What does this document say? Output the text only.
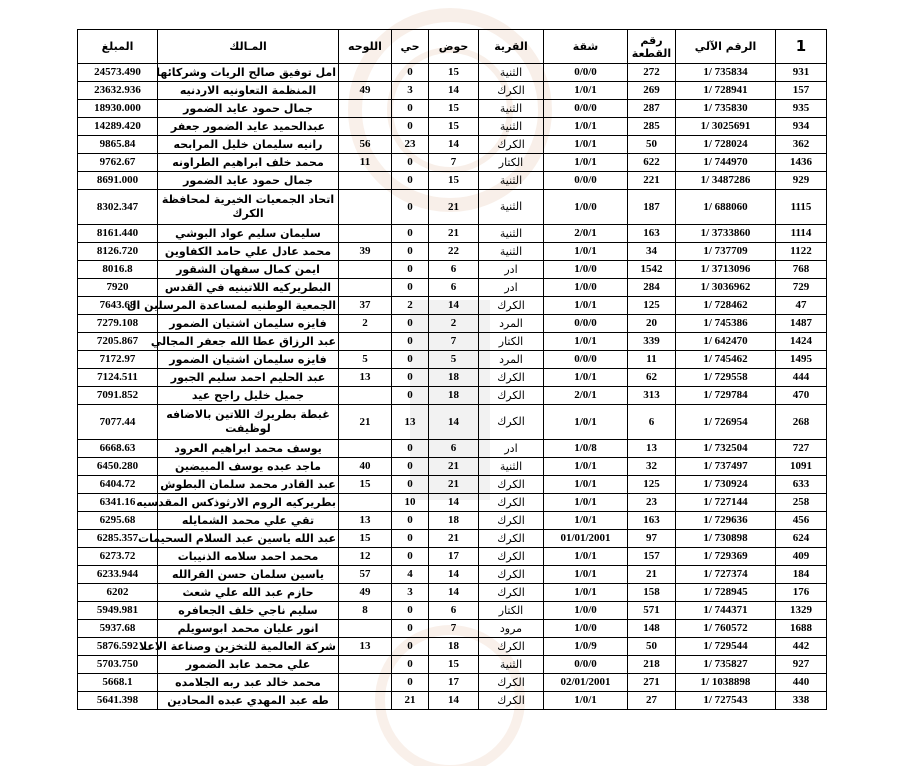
1	الرقم الآلي	رقم القطعة	شقة	القرية	حوض	حي	اللوحه	المـالك	المبلغ
931	735834 /1	272	0/0/0	الثنية	15	0		امل توفيق صالح الريات وشركائها	24573.490
157	728941 /1	269	1/0/1	الكرك	14	3	49	المنظمة التعاونيه الاردنيه	23632.936
935	735830 /1	287	0/0/0	الثنية	15	0		جمال حمود عايد الضمور	18930.000
934	3025691 /1	285	1/0/1	الثنية	15	0		عبدالحميد عايد الضمور جعفر	14289.420
362	728024 /1	50	1/0/1	الكرك	14	23	56	رانيه سليمان خليل المرابحه	9865.84
1436	744970 /1	622	1/0/1	الكتار	7	0	11	محمد خلف ابراهيم الطراونه	9762.67
929	3487286 /1	221	0/0/0	الثنية	15	0		جمال حمود عايد الضمور	8691.000
1115	688060 /1	187	1/0/0	الثنية	21	0		اتحاد الجمعيات الخيرية لمحافظة الكرك	8302.347
1114	3733860 /1	163	2/0/1	الثنية	21	0		سليمان سليم عواد البوشي	8161.440
1122	737709 /1	34	1/0/1	الثنية	22	0	39	محمد عادل علي حامد الكفاوين	8126.720
768	3713096 /1	1542	1/0/0	ادر	6	0		ايمن كمال سفهان الشقور	8016.8
729	3036962 /1	284	1/0/0	ادر	6	0		البطريركيه اللاتينيه في القدس	7920
47	728462 /1	125	1/0/1	الكرك	14	2	37	الجمعية الوطنيه لمساعدة المرسلين ال	7643.68
1487	745386 /1	20	0/0/0	المرد	2	0	2	فايزه سليمان اشتيان الضمور	7279.108
1424	642470 /1	339	1/0/1	الكتار	7	0		عبد الرزاق عطا الله جعفر المجالي	7205.867
1495	745462 /1	11	0/0/0	المرد	5	0	5	فايزه سليمان اشتيان الضمور	7172.97
444	729558 /1	62	1/0/1	الكرك	18	0	13	عبد الحليم احمد سليم الجبور	7124.511
470	729784 /1	313	2/0/1	الكرك	18	0		جميل خليل راجح عيد	7091.852
268	726954 /1	6	1/0/1	الكرك	14	13	21	غبطة بطريرك اللاتين بالاضافه لوظيفت	7077.44
727	732504 /1	13	1/0/8	ادر	6	0		يوسف محمد ابراهيم العرود	6668.63
1091	737497 /1	32	1/0/1	الثنية	21	0	40	ماجد عبده يوسف المبيضين	6450.280
633	730924 /1	125	1/0/1	الكرك	21	0	15	عبد القادر محمد سلمان البطوش	6404.72
258	727144 /1	23	1/0/1	الكرك	14	10		بطريركيه الروم الارثوذكس المقدسيه	6341.16
456	729636 /1	163	1/0/1	الكرك	18	0	13	تقي علي محمد الشمايله	6295.68
624	730898 /1	97	01/01/2001	الكرك	21	0	15	عبد الله ياسين عبد السلام السحيمات	6285.357
409	729369 /1	157	1/0/1	الكرك	17	0	12	محمد احمد سلامه الذنيبات	6273.72
184	727374 /1	21	1/0/1	الكرك	14	4	57	ياسين سلمان حسن القرالله	6233.944
176	728945 /1	158	1/0/1	الكرك	14	3	49	حازم عبد الله علي شعث	6202
1329	744371 /1	571	1/0/0	الكتار	6	0	8	سليم ناجي خلف الجعافره	5949.981
1688	760572 /1	148	1/0/0	مرود	7	0		انور عليان محمد ابوسويلم	5937.68
442	729544 /1	50	1/0/9	الكرك	18	0	13	شركة العالمية للتخزين وصناعة الاعلا	5876.592
927	735827 /1	218	0/0/0	الثنية	15	0		علي محمد عابد الضمور	5703.750
440	1038898 /1	271	02/01/2001	الكرك	17	0		محمد خالد عبد ربه الجلامده	5668.1
338	727543 /1	27	1/0/1	الكرك	14	21		طه عبد المهدي عبده المحادين	5641.398
